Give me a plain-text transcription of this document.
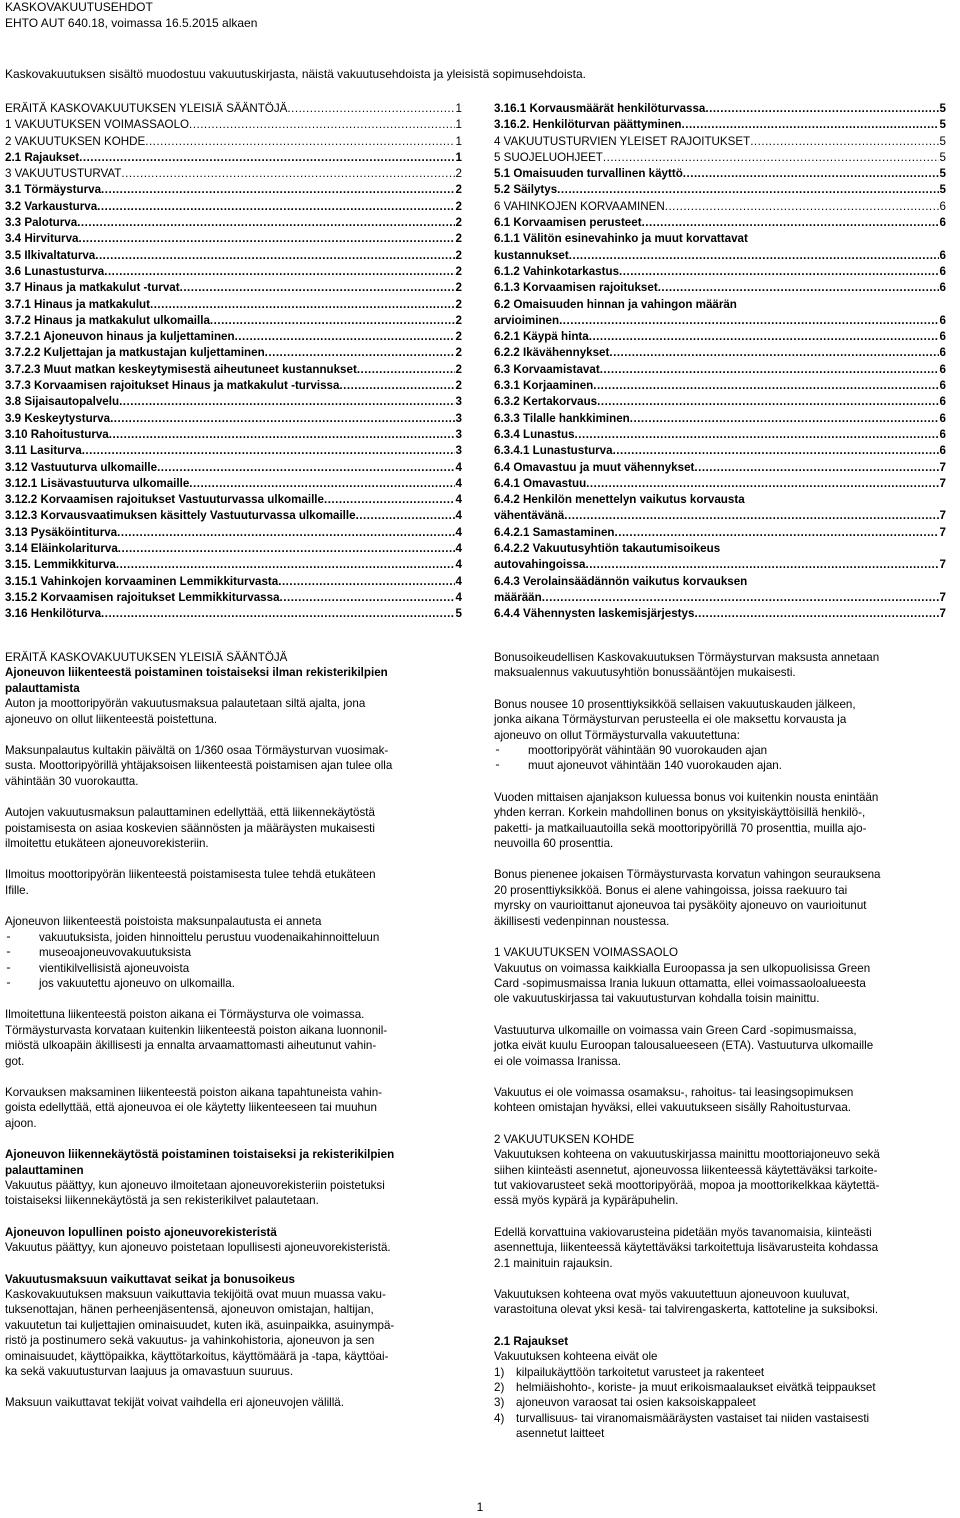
KASKOVAKUUTUSEHDOT
EHTO AUT 640.18, voimassa 16.5.2015 alkaen
Kaskovakuutuksen sisältö muodostuu vakuutuskirjasta, näistä vakuutusehdoista ja yleisistä sopimusehdoista.
ERÄITÄ KASKOVAKUUTUKSEN YLEISIÄ SÄÄNTÖJÄ .....	1
1 VAKUUTUKSEN VOIMASSAOLO .....	1
2 VAKUUTUKSEN KOHDE .....	1
2.1 Rajaukset .....	1
3 VAKUUTUSTURVAT .....	2
3.1 Törmäysturva .....	2
3.2 Varkausturva .....	2
3.3 Paloturva .....	2
3.4 Hirviturva .....	2
3.5 Ilkivaltaturva .....	2
3.6 Lunastusturva .....	2
3.7 Hinaus ja matkakulut -turvat .....	2
3.7.1 Hinaus ja matkakulut .....	2
3.7.2 Hinaus ja matkakulut ulkomailla .....	2
3.7.2.1 Ajoneuvon hinaus ja kuljettaminen .....	2
3.7.2.2 Kuljettajan ja matkustajan kuljettaminen .....	2
3.7.2.3 Muut matkan keskeytymisestä aiheutuneet kustannukset .....	2
3.7.3 Korvaamisen rajoitukset Hinaus ja matkakulut -turvissa .....	2
3.8 Sijaisautopalvelu .....	3
3.9 Keskeytysturva .....	3
3.10 Rahoitusturva .....	3
3.11 Lasiturva .....	3
3.12 Vastuuturva ulkomaille .....	4
3.12.1 Lisävastuuturva ulkomaille .....	4
3.12.2 Korvaamisen rajoitukset Vastuuturvassa ulkomaille .....	4
3.12.3 Korvausvaatimuksen käsittely Vastuuturvassa ulkomaille .....	4
3.13 Pysäköintiturva .....	4
3.14 Eläinkolariturva .....	4
3.15. Lemmikkiturva .....	4
3.15.1 Vahinkojen korvaaminen Lemmikkiturvasta .....	4
3.15.2 Korvaamisen rajoitukset Lemmikkiturvassa .....	4
3.16 Henkilöturva .....	5
3.16.1 Korvausmäärät henkilöturvassa .....	5
3.16.2. Henkilöturvan päättyminen .....	5
4 VAKUUTUSTURVIEN YLEISET RAJOITUKSET .....	5
5 SUOJELUOHJEET .....	5
5.1 Omaisuuden turvallinen käyttö .....	5
5.2 Säilytys .....	5
6 VAHINKOJEN KORVAAMINEN .....	6
6.1 Korvaamisen perusteet .....	6
6.1.1 Välitön esinevahinko ja muut korvattavat
kustannukset .....	6
6.1.2 Vahinkotarkastus .....	6
6.1.3 Korvaamisen rajoitukset .....	6
6.2 Omaisuuden hinnan ja vahingon määrän
arvioiminen .....	6
6.2.1 Käypä hinta .....	6
6.2.2 Ikävähennykset .....	6
6.3 Korvaamistavat .....	6
6.3.1 Korjaaminen .....	6
6.3.2 Kertakorvaus .....	6
6.3.3 Tilalle hankkiminen .....	6
6.3.4 Lunastus .....	6
6.3.4.1 Lunastusturva .....	6
6.4 Omavastuu ja muut vähennykset .....	7
6.4.1 Omavastuu .....	7
6.4.2 Henkilön menettelyn vaikutus korvausta
vähentävänä .....	7
6.4.2.1 Samastaminen .....	7
6.4.2.2 Vakuutusyhtiön takautumisoikeus
autovahingoissa .....	7
6.4.3 Verolainsäädännön vaikutus korvauksen
määrään .....	7
6.4.4 Vähennysten laskemisjärjestys .....	7
ERÄITÄ KASKOVAKUUTUKSEN YLEISIÄ SÄÄNTÖJÄ
Ajoneuvon liikenteestä poistaminen toistaiseksi ilman rekisterikilpien
palauttamista
Auton ja moottoripyörän vakuutusmaksua palautetaan siltä ajalta, jona
ajoneuvo on ollut liikenteestä poistettuna.
Maksunpalautus kultakin päivältä on 1/360 osaa Törmäysturvan vuosimak-
susta. Moottoripyörillä yhtäjaksoisen liikenteestä poistamisen ajan tulee olla
vähintään 30 vuorokautta.
Autojen vakuutusmaksun palauttaminen edellyttää, että liikennekäytöstä
poistamisesta on asiaa koskevien säännösten ja määräysten mukaisesti
ilmoitettu etukäteen ajoneuvorekisteriin.
Ilmoitus moottoripyörän liikenteestä poistamisesta tulee tehdä etukäteen
Ifille.
Ajoneuvon liikenteestä poistoista maksunpalautusta ei anneta
-	vakuutuksista, joiden hinnoittelu perustuu vuodenaikahinnoitteluun
-	museoajoneuvovakuutuksista
-	vientikilvellisistä ajoneuvoista
-	jos vakuutettu ajoneuvo on ulkomailla.
Ilmoitettuna liikenteestä poiston aikana ei Törmäysturva ole voimassa.
Törmäysturvasta korvataan kuitenkin liikenteestä poiston aikana luonnonil-
miöstä ulkoapäin äkillisesti ja ennalta arvaamattomasti aiheutunut vahin-
got.
Korvauksen maksaminen liikenteestä poiston aikana tapahtuneista vahin-
goista edellyttää, että ajoneuvoa ei ole käytetty liikenteeseen tai muuhun
ajoon.
Ajoneuvon liikennekäytöstä poistaminen toistaiseksi ja rekisterikilpien
palauttaminen
Vakuutus päättyy, kun ajoneuvo ilmoitetaan ajoneuvorekisteriin poistetuksi
toistaiseksi liikennekäytöstä ja sen rekisterikilvet palautetaan.
Ajoneuvon lopullinen poisto ajoneuvorekisteristä
Vakuutus päättyy, kun ajoneuvo poistetaan lopullisesti ajoneuvorekisteristä.
Vakuutusmaksuun vaikuttavat seikat ja bonusoikeus
Kaskovakuutuksen maksuun vaikuttavia tekijöitä ovat muun muassa vaku-
tuksenottajan, hänen perheenjäsentensä, ajoneuvon omistajan, haltijan,
vakuutetun tai kuljettajien ominaisuudet, kuten ikä, asuinpaikka, asuinympä-
ristö ja postinumero sekä vakuutus- ja vahinkohistoria, ajoneuvon ja sen
ominaisuudet, käyttöpaikka, käyttötarkoitus, käyttömäärä ja -tapa, käyttöai-
ka sekä vakuutusturvan laajuus ja omavastuun suuruus.
Maksuun vaikuttavat tekijät voivat vaihdella eri ajoneuvojen välillä.
Bonusoikeudellisen Kaskovakuutuksen Törmäysturvan maksusta annetaan
maksualennus vakuutusyhtiön bonussääntöjen mukaisesti.
Bonus nousee 10 prosenttiyksikköä sellaisen vakuutuskauden jälkeen,
jonka aikana Törmäysturvan perusteella ei ole maksettu korvausta ja
ajoneuvo on ollut Törmäysturvalla vakuutettuna:
-	moottoripyörät vähintään 90 vuorokauden ajan
-	muut ajoneuvot vähintään 140 vuorokauden ajan.
Vuoden mittaisen ajanjakson kuluessa bonus voi kuitenkin nousta enintään
yhden kerran. Korkein mahdollinen bonus on yksityiskäyttöisillä henkilö-,
paketti- ja matkailuautoilla sekä moottoripyörillä 70 prosenttia, muilla ajo-
neuvoilla 60 prosenttia.
Bonus pienenee jokaisen Törmäysturvasta korvatun vahingon seurauksena
20 prosenttiyksikköä. Bonus ei alene vahingoissa, joissa raekuuro tai
myrsky on vaurioittanut ajoneuvoa tai pysäköity ajoneuvo on vaurioitunut
äkillisesti vedenpinnan noustessa.
1 VAKUUTUKSEN VOIMASSAOLO
Vakuutus on voimassa kaikkialla Euroopassa ja sen ulkopuolisissa Green
Card -sopimusmaissa Irania lukuun ottamatta, ellei voimassaoloalueesta
ole vakuutuskirjassa tai vakuutusturvan kohdalla toisin mainittu.
Vastuuturva ulkomaille on voimassa vain Green Card -sopimusmaissa,
jotka eivät kuulu Euroopan talousalueeseen (ETA). Vastuuturva ulkomaille
ei ole voimassa Iranissa.
Vakuutus ei ole voimassa osamaksu-, rahoitus- tai leasingsopimuksen
kohteen omistajan hyväksi, ellei vakuutukseen sisälly Rahoitusturvaa.
2 VAKUUTUKSEN KOHDE
Vakuutuksen kohteena on vakuutuskirjassa mainittu moottoriajoneuvo sekä
siihen kiinteästi asennetut, ajoneuvossa liikenteessä käytettäväksi tarkoite-
tut vakiovarusteet sekä moottoripyörää, mopoa ja moottorikelkkaa käytettä-
essä myös kypärä ja kypäräpuhelin.
Edellä korvattuina vakiovarusteina pidetään myös tavanomaisia, kiinteästi
asennettuja, liikenteessä käytettäväksi tarkoitettuja lisävarusteita kohdassa
2.1 mainituin rajauksin.
Vakuutuksen kohteena ovat myös vakuutettuun ajoneuvoon kuuluvat,
varastoituna olevat yksi kesä- tai talvirengaskerta, kattoteline ja suksiboksi.
2.1 Rajaukset
Vakuutuksen kohteena eivät ole
1)	kilpailukäyttöön tarkoitetut varusteet ja rakenteet
2)	helmiäishohto-, koriste- ja muut erikoismaalaukset eivätkä teippaukset
3)	ajoneuvon varaosat tai osien kaksoiskappaleet
4)	turvallisuus- tai viranomaismääräysten vastaiset tai niiden vastaisesti
asennetut laitteet
1
